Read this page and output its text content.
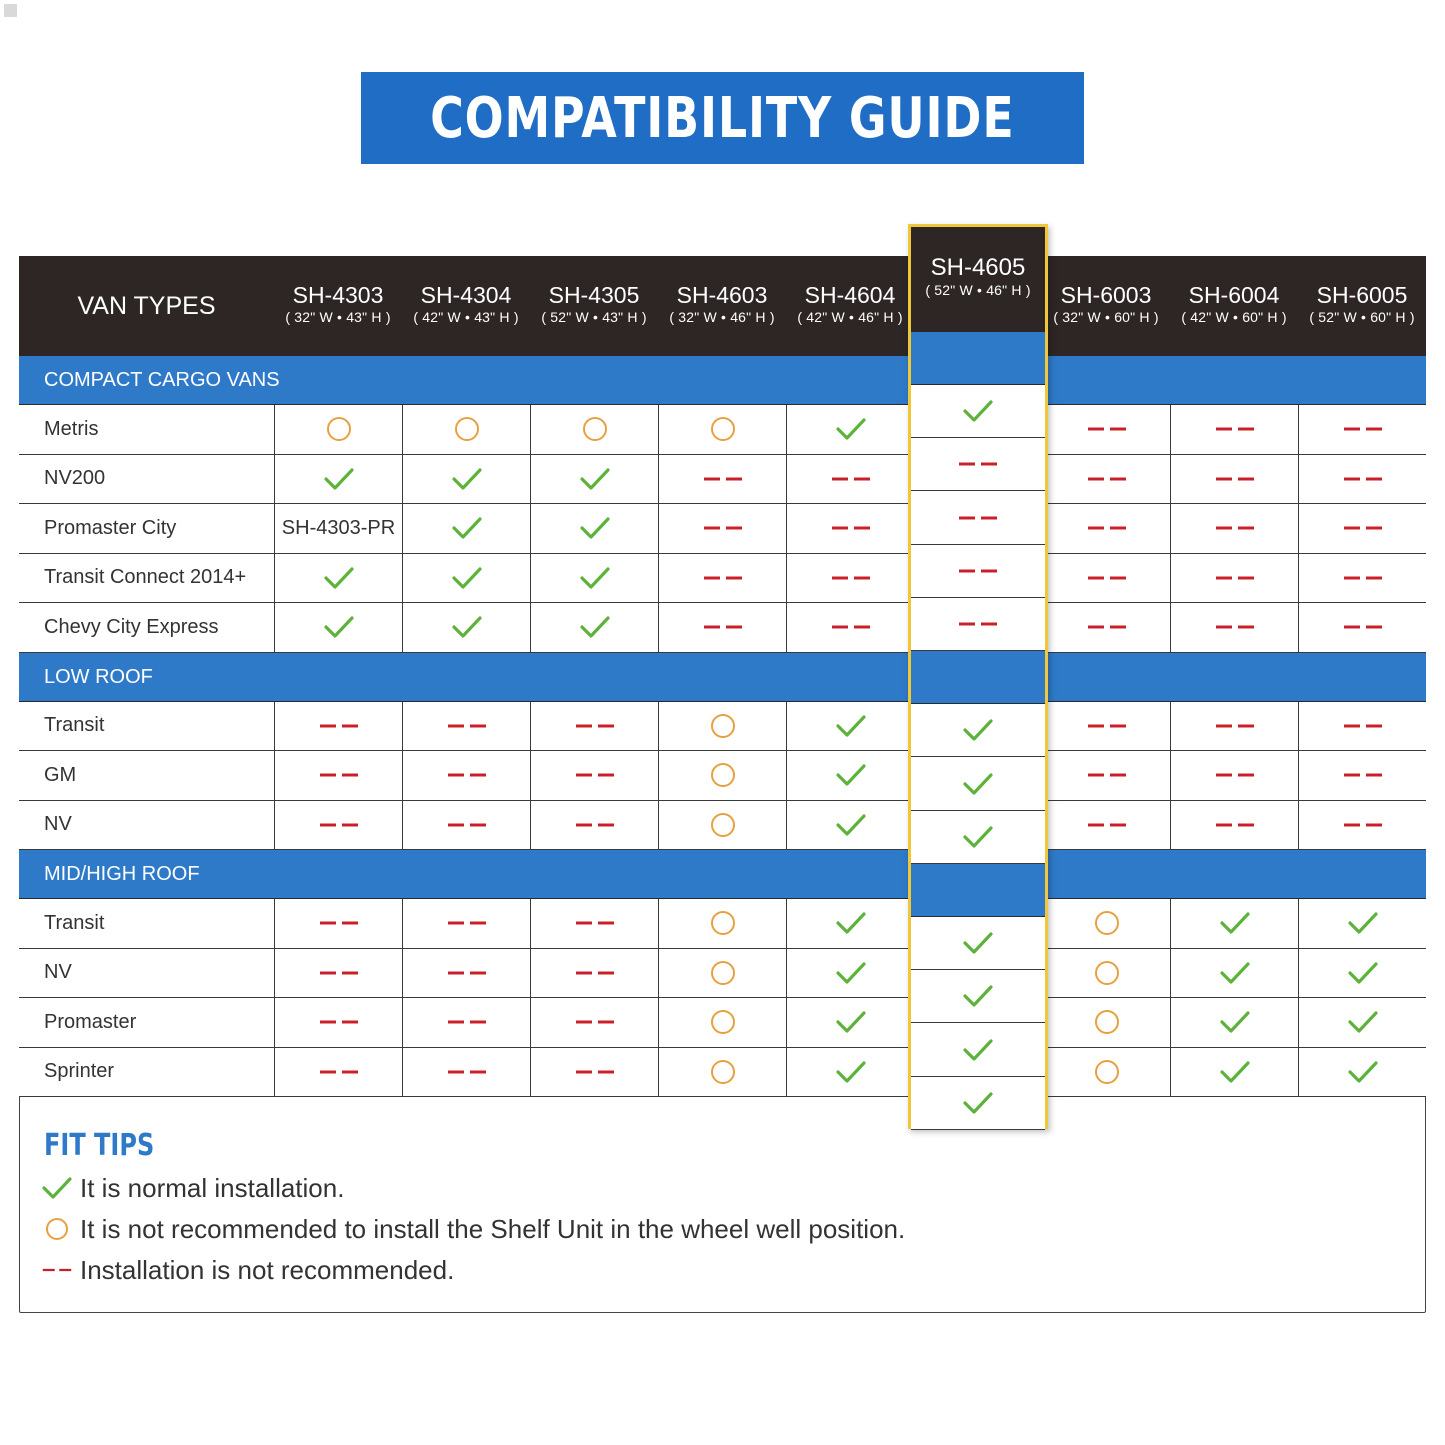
COMPATIBILITY GUIDE
VAN TYPES	SH-4303
( 32" W • 43" H )
SH-4304
( 42" W • 43" H )
SH-4305
( 52" W • 43" H )
SH-4603
( 32" W • 46" H )
SH-4604
( 42" W • 46" H )
SH-6003
( 32" W • 60" H )
SH-6004
( 42" W • 60" H )
SH-6005
( 52" W • 60" H )
COMPACT CARGO VANS
Metris
NV200
Promaster City	SH-4303-PR
Transit Connect 2014+
Chevy City Express
LOW ROOF
Transit
GM
NV
MID/HIGH ROOF
Transit
NV
Promaster
Sprinter
SH-4605
( 52" W • 46" H )
FIT TIPS
It is normal installation.
It is not recommended to install the Shelf Unit in the wheel well position.
Installation is not recommended.
